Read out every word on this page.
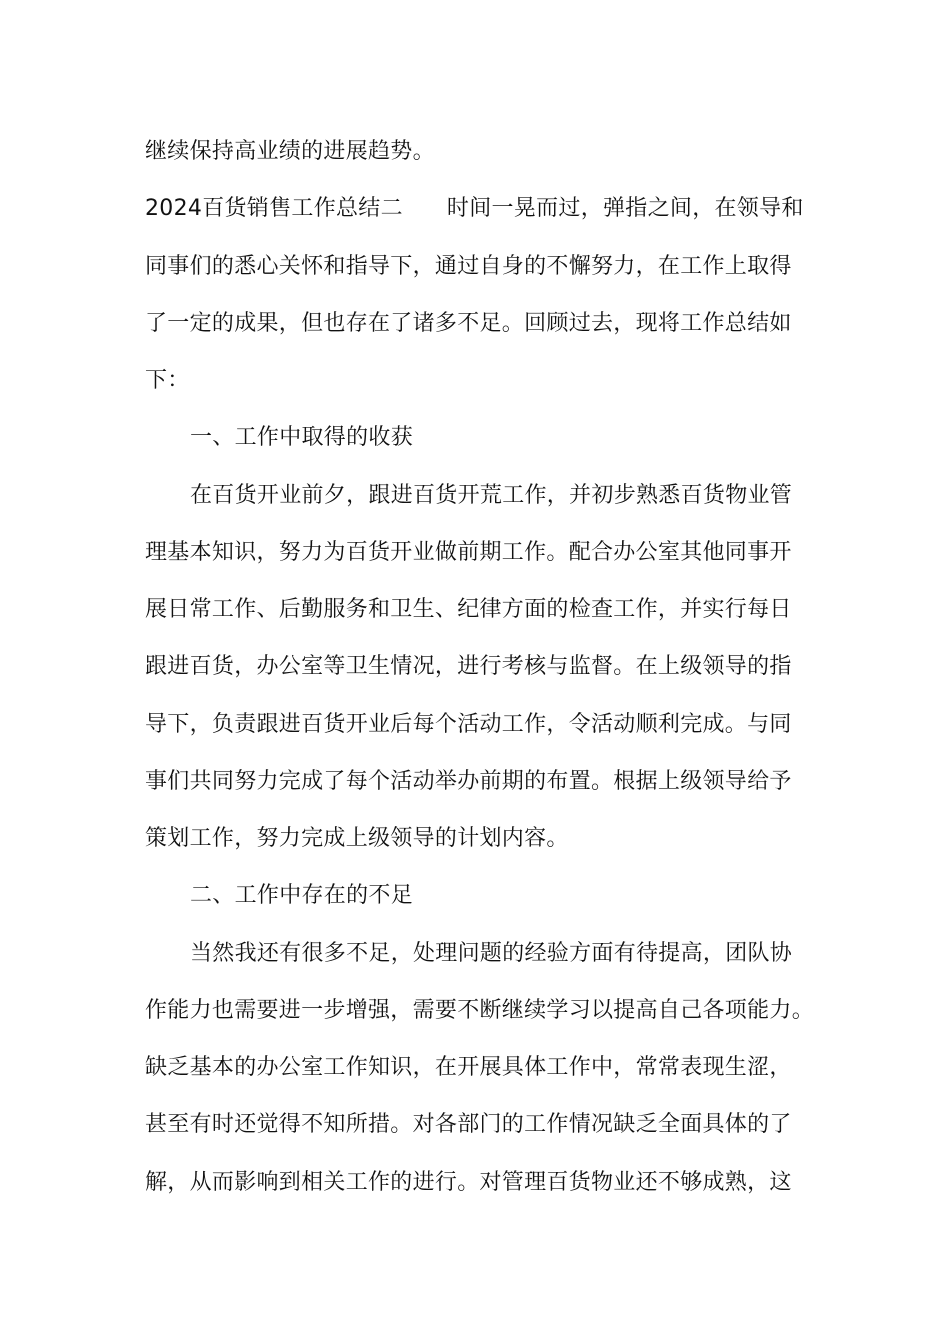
继续保持高业绩的进展趋势。
2024百货销售工作总结二 时间一晃而过，弹指之间，在领导和
同事们的悉心关怀和指导下，通过自身的不懈努力，在工作上取得
了一定的成果，但也存在了诸多不足。回顾过去，现将工作总结如
下：
一、工作中取得的收获
在百货开业前夕，跟进百货开荒工作，并初步熟悉百货物业管
理基本知识，努力为百货开业做前期工作。配合办公室其他同事开
展日常工作、后勤服务和卫生、纪律方面的检查工作，并实行每日
跟进百货，办公室等卫生情况，进行考核与监督。在上级领导的指
导下，负责跟进百货开业后每个活动工作，令活动顺利完成。与同
事们共同努力完成了每个活动举办前期的布置。根据上级领导给予
策划工作，努力完成上级领导的计划内容。
二、工作中存在的不足
当然我还有很多不足，处理问题的经验方面有待提高，团队协
作能力也需要进一步增强，需要不断继续学习以提高自己各项能力。
缺乏基本的办公室工作知识，在开展具体工作中，常常表现生涩，
甚至有时还觉得不知所措。对各部门的工作情况缺乏全面具体的了
解，从而影响到相关工作的进行。对管理百货物业还不够成熟，这
